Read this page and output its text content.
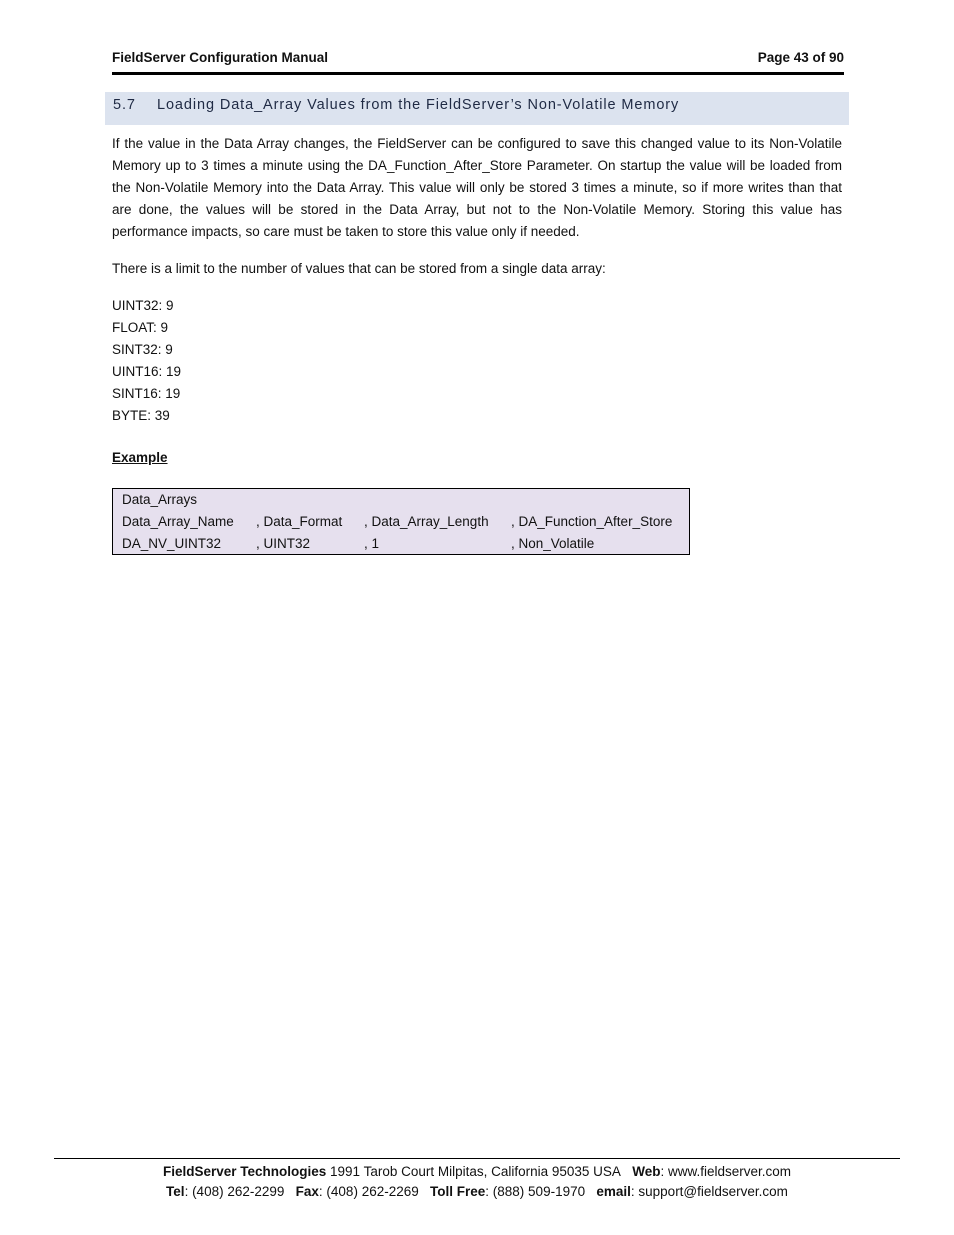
FieldServer Configuration Manual	Page 43 of 90
5.7 Loading Data_Array Values from the FieldServer’s Non-Volatile Memory
If the value in the Data Array changes, the FieldServer can be configured to save this changed value to its Non-Volatile Memory up to 3 times a minute using the DA_Function_After_Store Parameter. On startup the value will be loaded from the Non-Volatile Memory into the Data Array. This value will only be stored 3 times a minute, so if more writes than that are done, the values will be stored in the Data Array, but not to the Non-Volatile Memory. Storing this value has performance impacts, so care must be taken to store this value only if needed.
There is a limit to the number of values that can be stored from a single data array:
UINT32: 9
FLOAT: 9
SINT32: 9
UINT16: 19
SINT16: 19
BYTE: 39
Example
Data_Arrays
Data_Array_Name	, Data_Format	, Data_Array_Length	, DA_Function_After_Store
DA_NV_UINT32	, UINT32	, 1	, Non_Volatile
FieldServer Technologies 1991 Tarob Court Milpitas, California 95035 USA Web: www.fieldserver.com
Tel: (408) 262-2299 Fax: (408) 262-2269 Toll Free: (888) 509-1970 email: support@fieldserver.com
